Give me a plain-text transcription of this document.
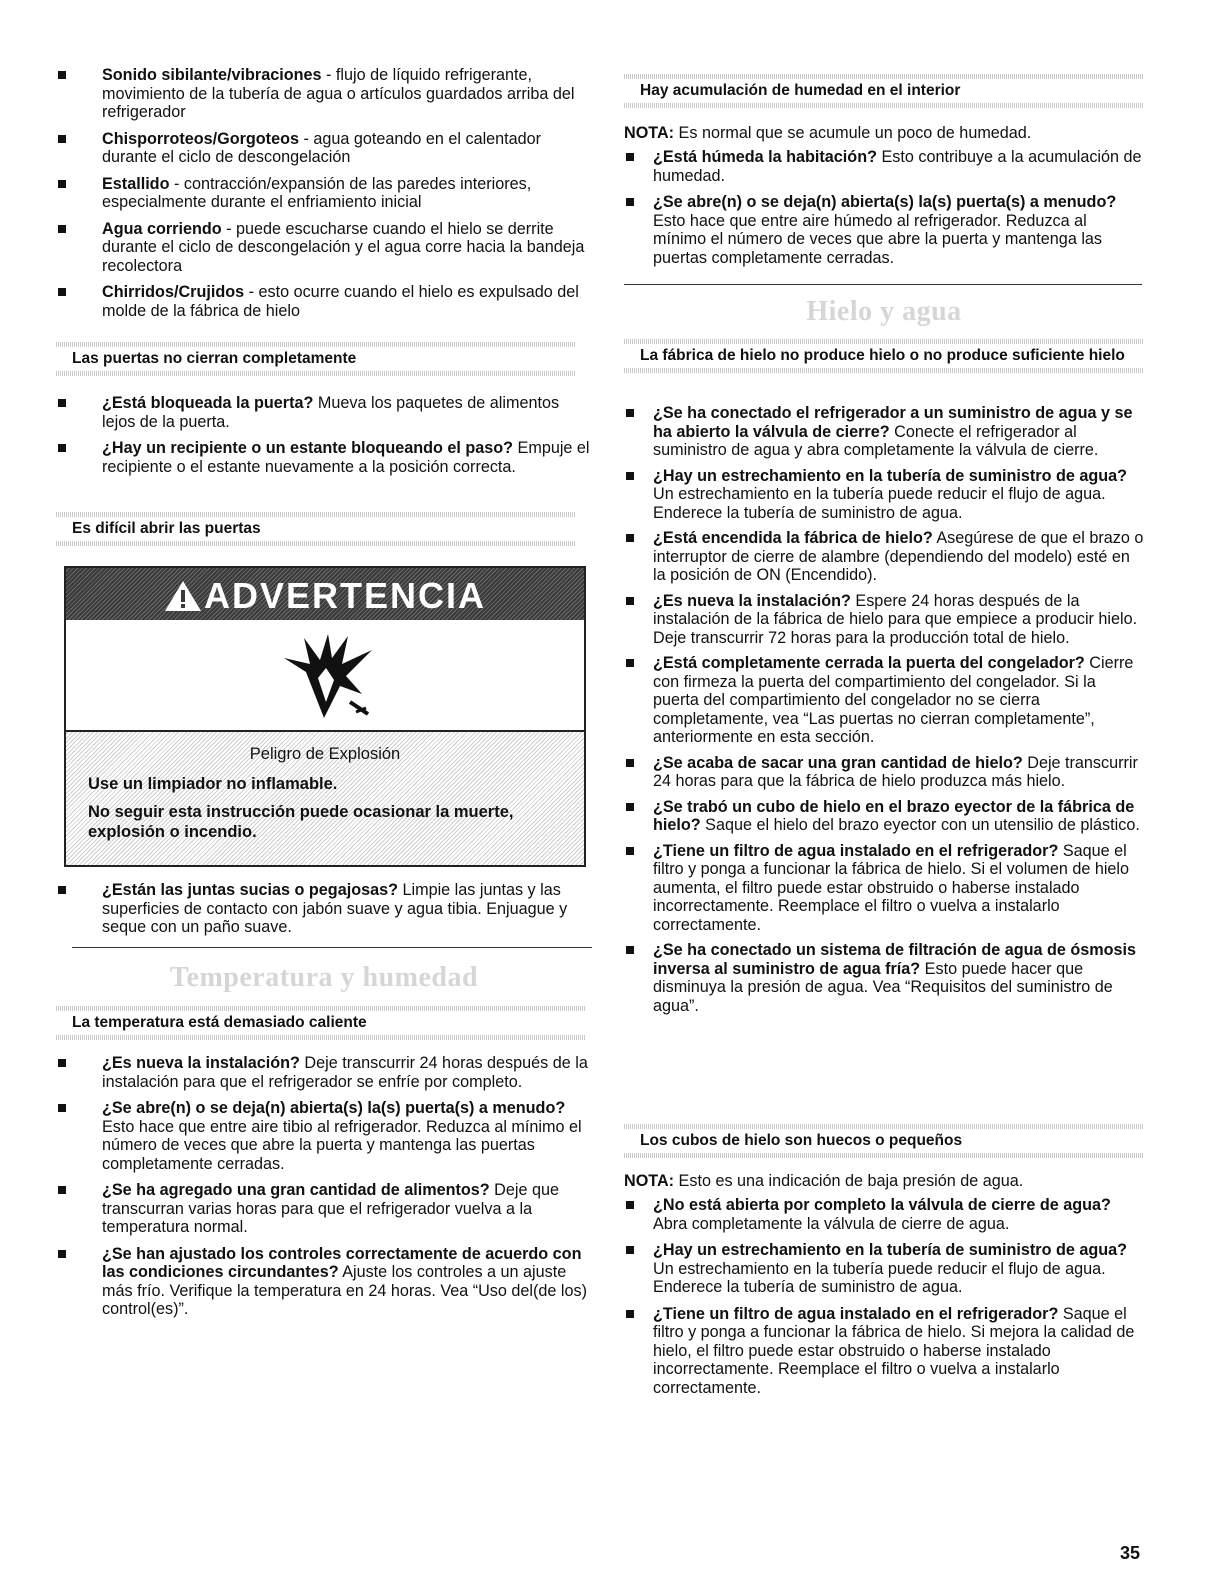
Sonido sibilante/vibraciones - flujo de líquido refrigerante, movimiento de la tubería de agua o artículos guardados arriba del refrigerador
Chisporroteos/Gorgoteos - agua goteando en el calentador durante el ciclo de descongelación
Estallido - contracción/expansión de las paredes interiores, especialmente durante el enfriamiento inicial
Agua corriendo - puede escucharse cuando el hielo se derrite durante el ciclo de descongelación y el agua corre hacia la bandeja recolectora
Chirridos/Crujidos - esto ocurre cuando el hielo es expulsado del molde de la fábrica de hielo
Las puertas no cierran completamente
¿Está bloqueada la puerta? Mueva los paquetes de alimentos lejos de la puerta.
¿Hay un recipiente o un estante bloqueando el paso? Empuje el recipiente o el estante nuevamente a la posición correcta.
Es difícil abrir las puertas
ADVERTENCIA

Peligro de Explosión

Use un limpiador no inflamable.

No seguir esta instrucción puede ocasionar la muerte, explosión o incendio.

¿Están las juntas sucias o pegajosas? Limpie las juntas y las superficies de contacto con jabón suave y agua tibia. Enjuague y seque con un paño suave.
Temperatura y humedad
La temperatura está demasiado caliente
¿Es nueva la instalación? Deje transcurrir 24 horas después de la instalación para que el refrigerador se enfríe por completo.
¿Se abre(n) o se deja(n) abierta(s) la(s) puerta(s) a menudo? Esto hace que entre aire tibio al refrigerador. Reduzca al mínimo el número de veces que abre la puerta y mantenga las puertas completamente cerradas.
¿Se ha agregado una gran cantidad de alimentos? Deje que transcurran varias horas para que el refrigerador vuelva a la temperatura normal.
¿Se han ajustado los controles correctamente de acuerdo con las condiciones circundantes? Ajuste los controles a un ajuste más frío. Verifique la temperatura en 24 horas. Vea “Uso del(de los) control(es)”.
Hay acumulación de humedad en el interior

NOTA: Es normal que se acumule un poco de humedad.

¿Está húmeda la habitación? Esto contribuye a la acumulación de humedad.
¿Se abre(n) o se deja(n) abierta(s) la(s) puerta(s) a menudo? Esto hace que entre aire húmedo al refrigerador. Reduzca al mínimo el número de veces que abre la puerta y mantenga las puertas completamente cerradas.
Hielo y agua
La fábrica de hielo no produce hielo o no produce suficiente hielo
¿Se ha conectado el refrigerador a un suministro de agua y se ha abierto la válvula de cierre? Conecte el refrigerador al suministro de agua y abra completamente la válvula de cierre.
¿Hay un estrechamiento en la tubería de suministro de agua? Un estrechamiento en la tubería puede reducir el flujo de agua. Enderece la tubería de suministro de agua.
¿Está encendida la fábrica de hielo? Asegúrese de que el brazo o interruptor de cierre de alambre (dependiendo del modelo) esté en la posición de ON (Encendido).
¿Es nueva la instalación? Espere 24 horas después de la instalación de la fábrica de hielo para que empiece a producir hielo. Deje transcurrir 72 horas para la producción total de hielo.
¿Está completamente cerrada la puerta del congelador? Cierre con firmeza la puerta del compartimiento del congelador. Si la puerta del compartimiento del congelador no se cierra completamente, vea “Las puertas no cierran completamente”, anteriormente en esta sección.
¿Se acaba de sacar una gran cantidad de hielo? Deje transcurrir 24 horas para que la fábrica de hielo produzca más hielo.
¿Se trabó un cubo de hielo en el brazo eyector de la fábrica de hielo? Saque el hielo del brazo eyector con un utensilio de plástico.
¿Tiene un filtro de agua instalado en el refrigerador? Saque el filtro y ponga a funcionar la fábrica de hielo. Si el volumen de hielo aumenta, el filtro puede estar obstruido o haberse instalado incorrectamente. Reemplace el filtro o vuelva a instalarlo correctamente.
¿Se ha conectado un sistema de filtración de agua de ósmosis inversa al suministro de agua fría? Esto puede hacer que disminuya la presión de agua. Vea “Requisitos del suministro de agua”.
Los cubos de hielo son huecos o pequeños

NOTA: Esto es una indicación de baja presión de agua.

¿No está abierta por completo la válvula de cierre de agua? Abra completamente la válvula de cierre de agua.
¿Hay un estrechamiento en la tubería de suministro de agua? Un estrechamiento en la tubería puede reducir el flujo de agua. Enderece la tubería de suministro de agua.
¿Tiene un filtro de agua instalado en el refrigerador? Saque el filtro y ponga a funcionar la fábrica de hielo. Si mejora la calidad de hielo, el filtro puede estar obstruido o haberse instalado incorrectamente. Reemplace el filtro o vuelva a instalarlo correctamente.
35
